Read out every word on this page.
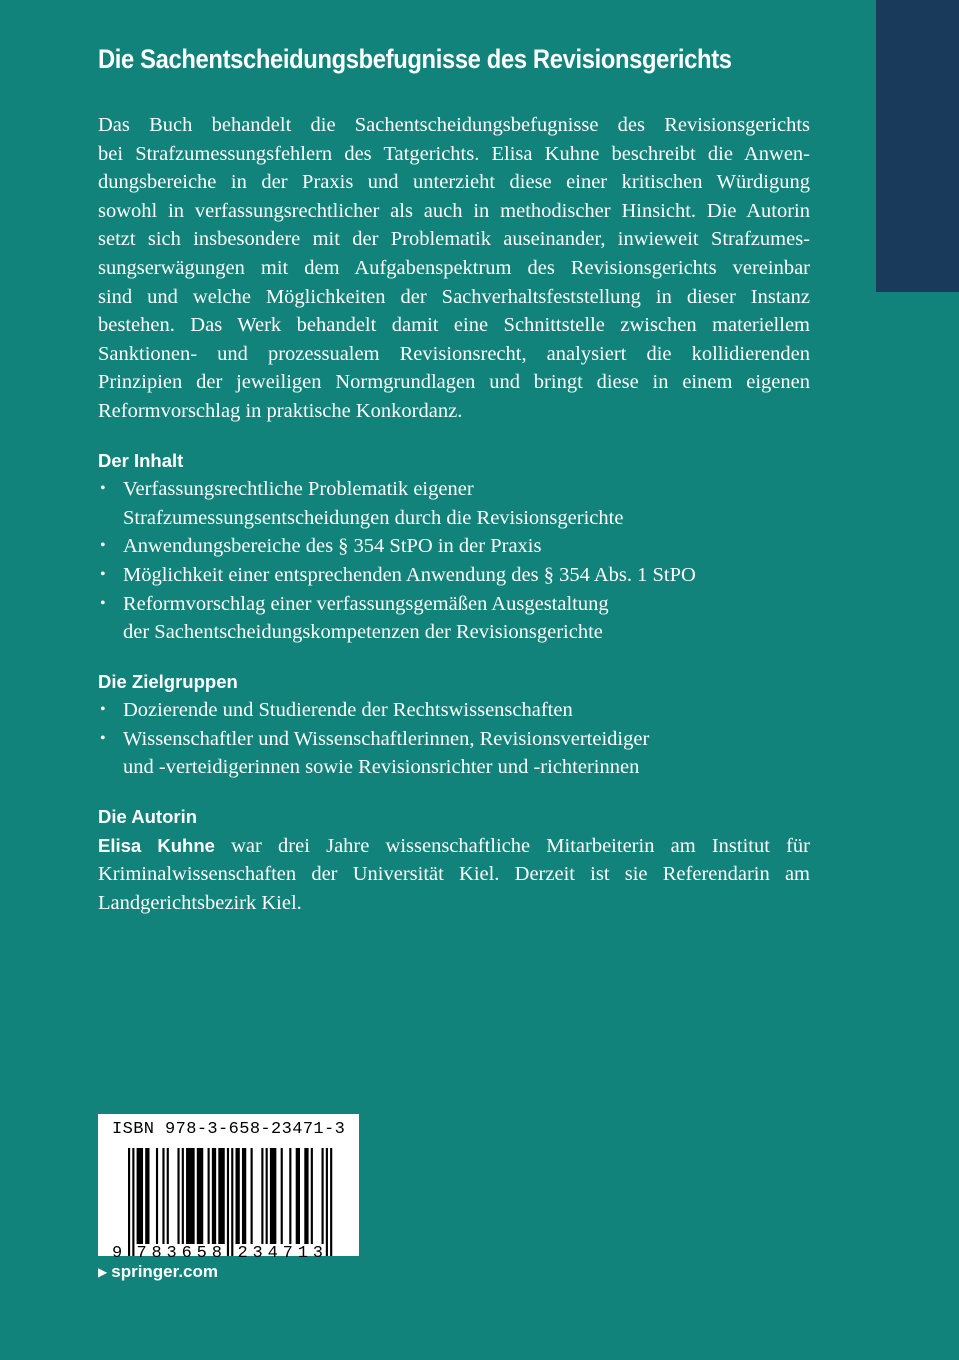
Die Sachentscheidungsbefugnisse des Revisionsgerichts

Das Buch behandelt die Sachentscheidungsbefugnisse des Revisionsgerichts
bei Strafzumessungsfehlern des Tatgerichts. Elisa Kuhne beschreibt die Anwen-
dungsbereiche in der Praxis und unterzieht diese einer kritischen Würdigung
sowohl in verfassungsrechtlicher als auch in methodischer Hinsicht. Die Autorin
setzt sich insbesondere mit der Problematik auseinander, inwieweit Strafzumes-
sungserwägungen mit dem Aufgabenspektrum des Revisionsgerichts vereinbar
sind und welche Möglichkeiten der Sachverhaltsfeststellung in dieser Instanz
bestehen. Das Werk behandelt damit eine Schnittstelle zwischen materiellem
Sanktionen- und prozessualem Revisionsrecht, analysiert die kollidierenden
Prinzipien der jeweiligen Normgrundlagen und bringt diese in einem eigenen
Reformvorschlag in praktische Konkordanz.

Der Inhalt
• Verfassungsrechtliche Problematik eigener
Strafzumessungsentscheidungen durch die Revisionsgerichte
• Anwendungsbereiche des § 354 StPO in der Praxis
• Möglichkeit einer entsprechenden Anwendung des § 354 Abs. 1 StPO
• Reformvorschlag einer verfassungsgemäßen Ausgestaltung
der Sachentscheidungskompetenzen der Revisionsgerichte
Die Zielgruppen
• Dozierende und Studierende der Rechtswissenschaften
• Wissenschaftler und Wissenschaftlerinnen, Revisionsverteidiger
und -verteidigerinnen sowie Revisionsrichter und -richterinnen
Die Autorin

Elisa Kuhne war drei Jahre wissenschaftliche Mitarbeiterin am Institut für
Kriminalwissenschaften der Universität Kiel. Derzeit ist sie Referendarin am
Landgerichtsbezirk Kiel.

ISBN 978-3-658-23471-3
9 7 8 3 6 5 8 2 3 4 7 1 3
▶ springer.com
